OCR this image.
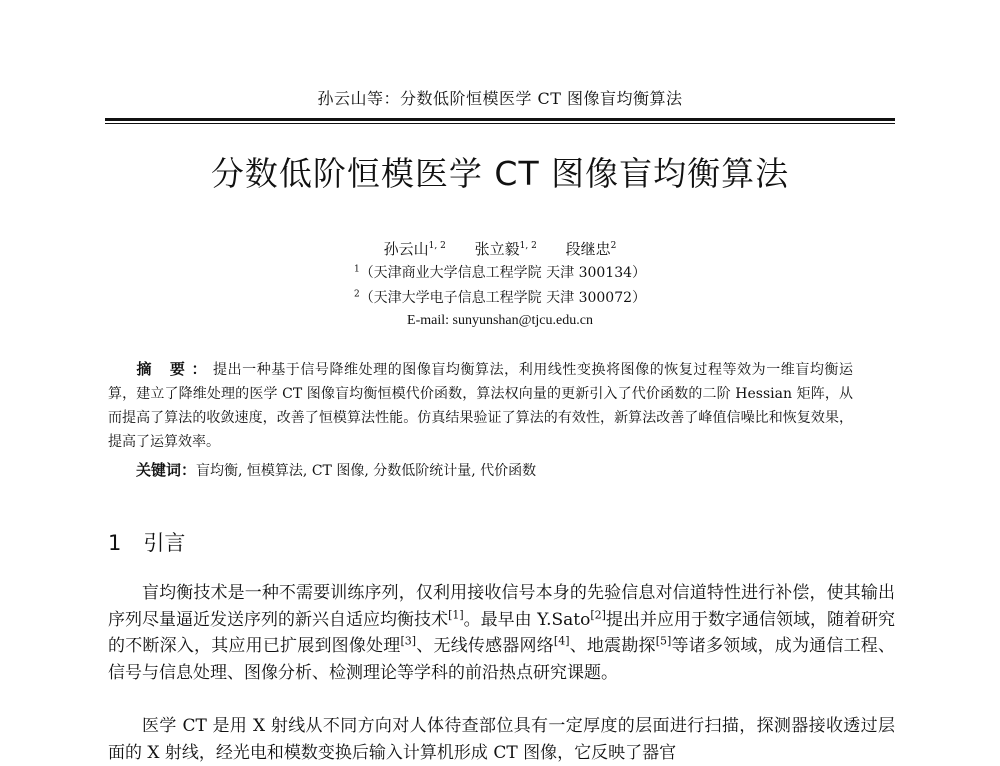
孙云山等：分数低阶恒模医学 CT 图像盲均衡算法
分数低阶恒模医学 CT 图像盲均衡算法
孙云山$^{1, 2}$ 张立毅$^{1, 2}$ 段继忠$^2$
$^1$（天津商业大学信息工程学院 天津 300134）
$^2$（天津大学电子信息工程学院 天津 300072）
E-mail: sunyunshan@tjcu.edu.cn
摘 要：提出一种基于信号降维处理的图像盲均衡算法，利用线性变换将图像的恢复过程等效为一维盲均衡运算，建立了降维处理的医学 CT 图像盲均衡恒模代价函数，算法权向量的更新引入了代价函数的二阶 Hessian 矩阵，从而提高了算法的收敛速度，改善了恒模算法性能。仿真结果验证了算法的有效性，新算法改善了峰值信噪比和恢复效果，提高了运算效率。
关键词：盲均衡, 恒模算法, CT 图像, 分数低阶统计量, 代价函数
1 引言
盲均衡技术是一种不需要训练序列，仅利用接收信号本身的先验信息对信道特性进行补偿，使其输出序列尽量逼近发送序列的新兴自适应均衡技术[1]。最早由 Y.Sato[2]提出并应用于数字通信领域，随着研究的不断深入，其应用已扩展到图像处理[3]、无线传感器网络[4]、地震勘探[5]等诸多领域，成为通信工程、信号与信息处理、图像分析、检测理论等学科的前沿热点研究课题。
医学 CT 是用 X 射线从不同方向对人体待查部位具有一定厚度的层面进行扫描，探测器接收透过层面的 X 射线，经光电和模数变换后输入计算机形成 CT 图像，它反映了器官
